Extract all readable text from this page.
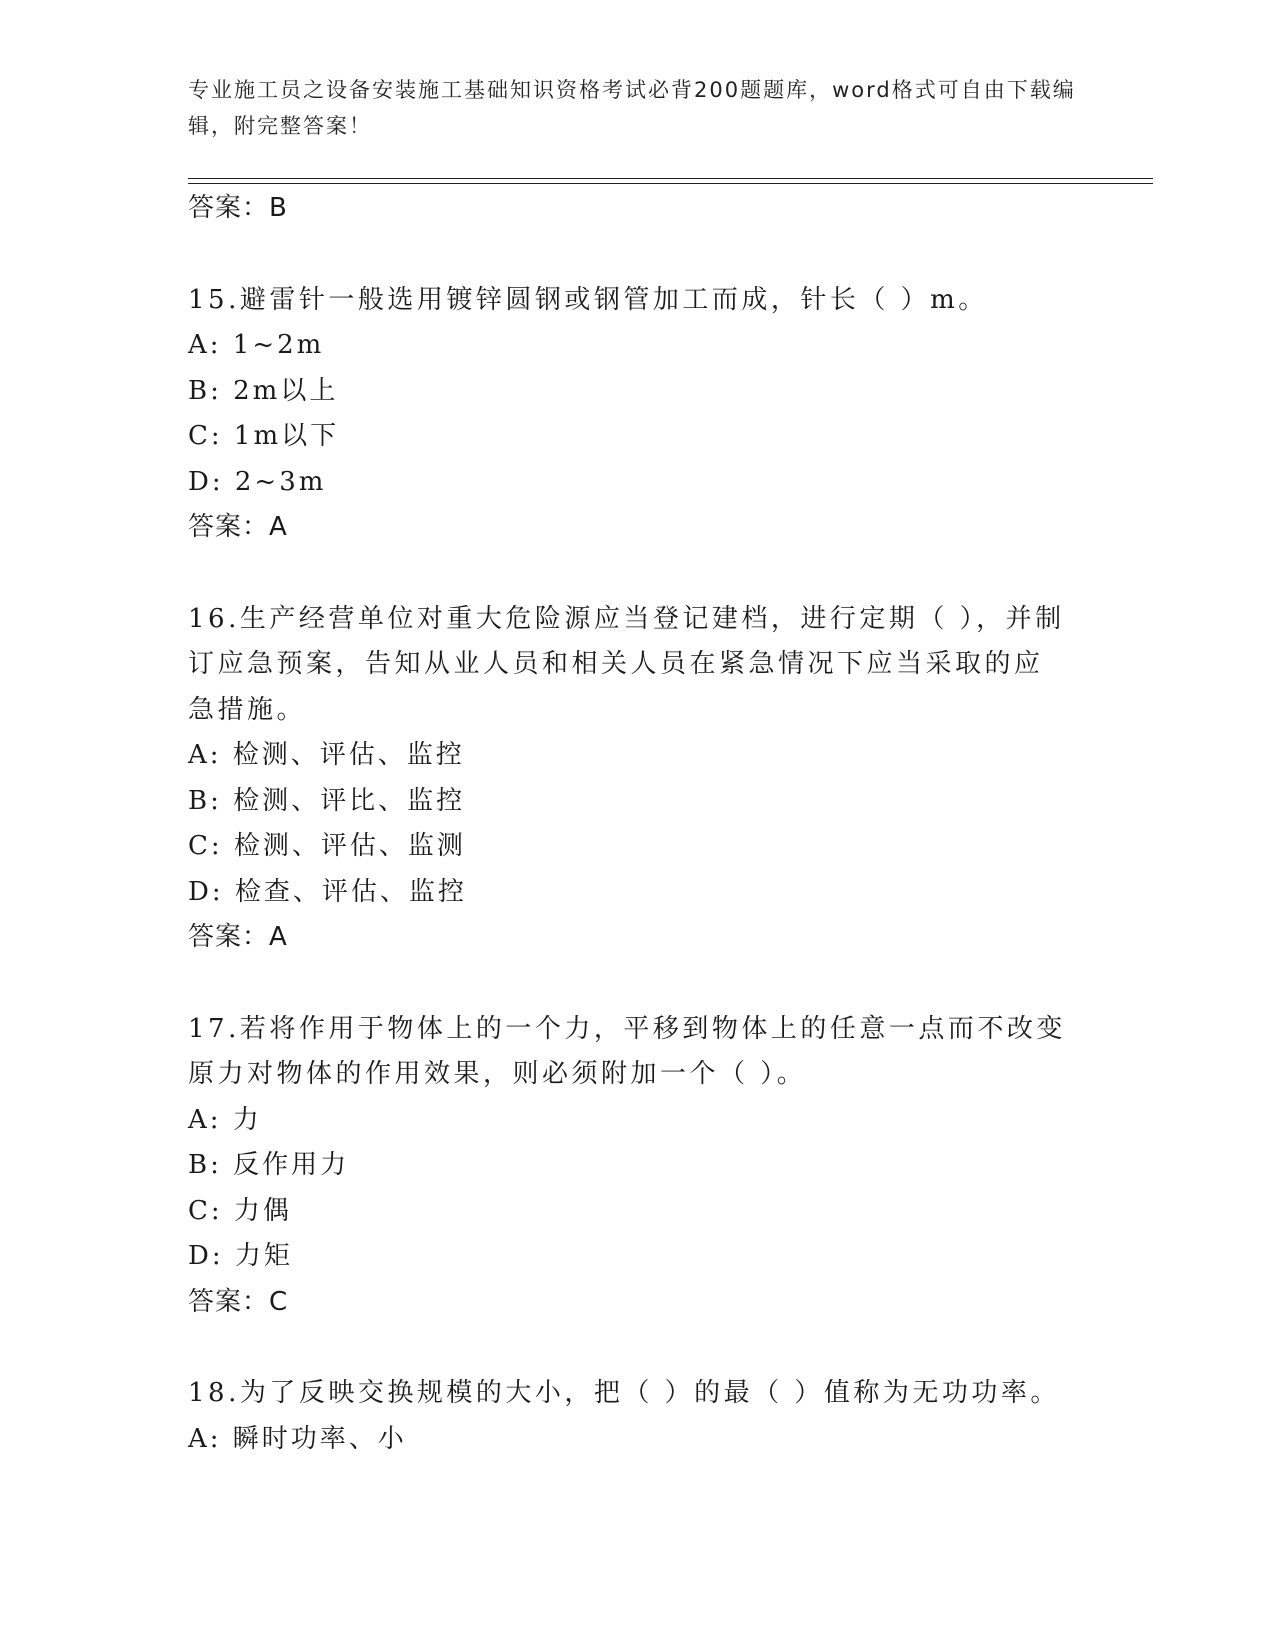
专业施工员之设备安装施工基础知识资格考试必背200题题库，word格式可自由下载编辑，附完整答案！
答案：B
15.避雷针一般选用镀锌圆钢或钢管加工而成，针长（ ）m。
A: 1~2m
B: 2m以上
C: 1m以下
D: 2~3m
答案：A
16.生产经营单位对重大危险源应当登记建档，进行定期（ ），并制订应急预案，告知从业人员和相关人员在紧急情况下应当采取的应急措施。
A: 检测、评估、监控
B: 检测、评比、监控
C: 检测、评估、监测
D: 检查、评估、监控
答案：A
17.若将作用于物体上的一个力，平移到物体上的任意一点而不改变原力对物体的作用效果，则必须附加一个（ ）。
A: 力
B: 反作用力
C: 力偶
D: 力矩
答案：C
18.为了反映交换规模的大小，把（ ）的最（ ）值称为无功功率。
A: 瞬时功率、小
